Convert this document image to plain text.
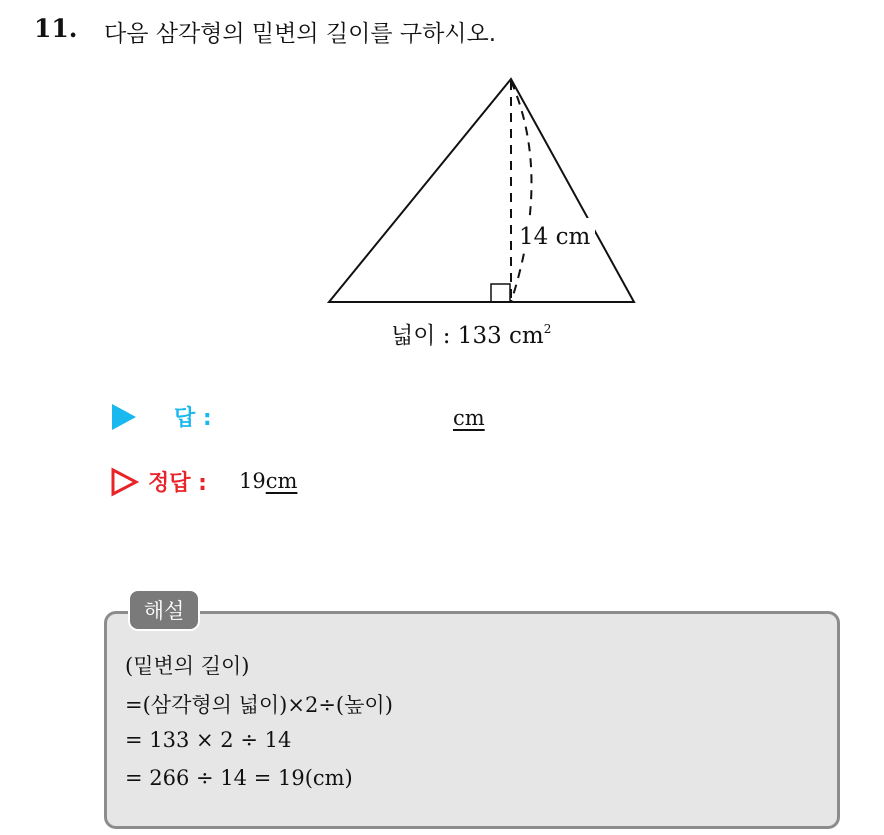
11. 다음 삼각형의 밑변의 길이를 구하시오.
14 cm
넓이 : 133 $cm^2$
답 :	cm
정답 : 19cm
해설
(밑변의 길이)
=(삼각형의 넓이)×2÷(높이)
= 133 × 2 ÷ 14
= 266 ÷ 14 = 19(cm)
